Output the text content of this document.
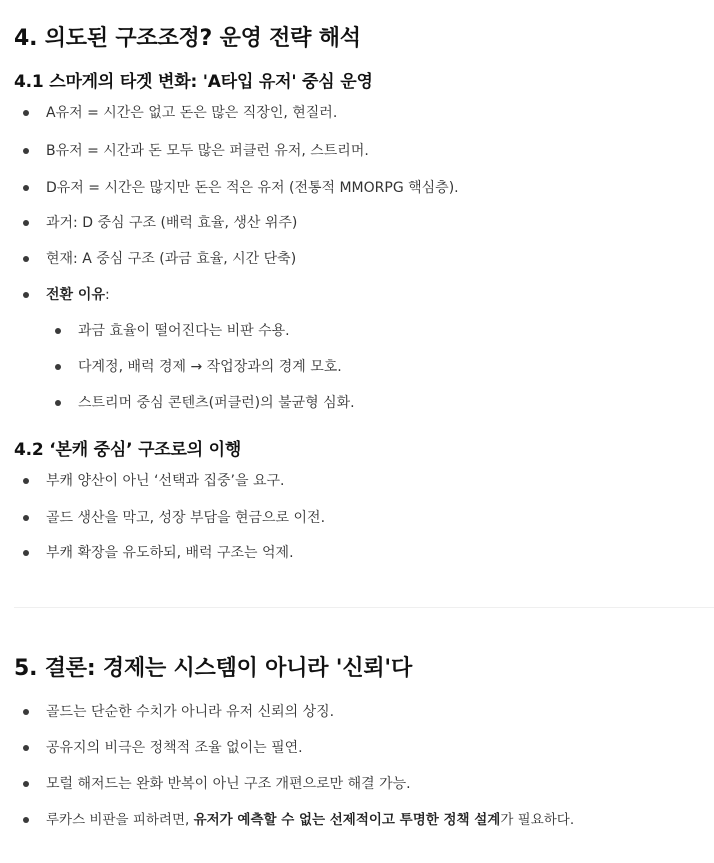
4. 의도된 구조조정? 운영 전략 해석
4.1 스마게의 타겟 변화: 'A타입 유저' 중심 운영
A유저 = 시간은 없고 돈은 많은 직장인, 현질러.
B유저 = 시간과 돈 모두 많은 퍼클런 유저, 스트리머.
D유저 = 시간은 많지만 돈은 적은 유저 (전통적 MMORPG 핵심층).
과거: D 중심 구조 (배럭 효율, 생산 위주)
현재: A 중심 구조 (과금 효율, 시간 단축)
전환 이유:
과금 효율이 떨어진다는 비판 수용.
다계정, 배럭 경제 → 작업장과의 경계 모호.
스트리머 중심 콘텐츠(퍼클런)의 불균형 심화.
4.2 ‘본캐 중심’ 구조로의 이행
부캐 양산이 아닌 ‘선택과 집중’을 요구.
골드 생산을 막고, 성장 부담을 현금으로 이전.
부캐 확장을 유도하되, 배럭 구조는 억제.
5. 결론: 경제는 시스템이 아니라 '신뢰'다
골드는 단순한 수치가 아니라 유저 신뢰의 상징.
공유지의 비극은 정책적 조율 없이는 필연.
모럴 해저드는 완화 반복이 아닌 구조 개편으로만 해결 가능.
루카스 비판을 피하려면, 유저가 예측할 수 없는 선제적이고 투명한 정책 설계가 필요하다.
